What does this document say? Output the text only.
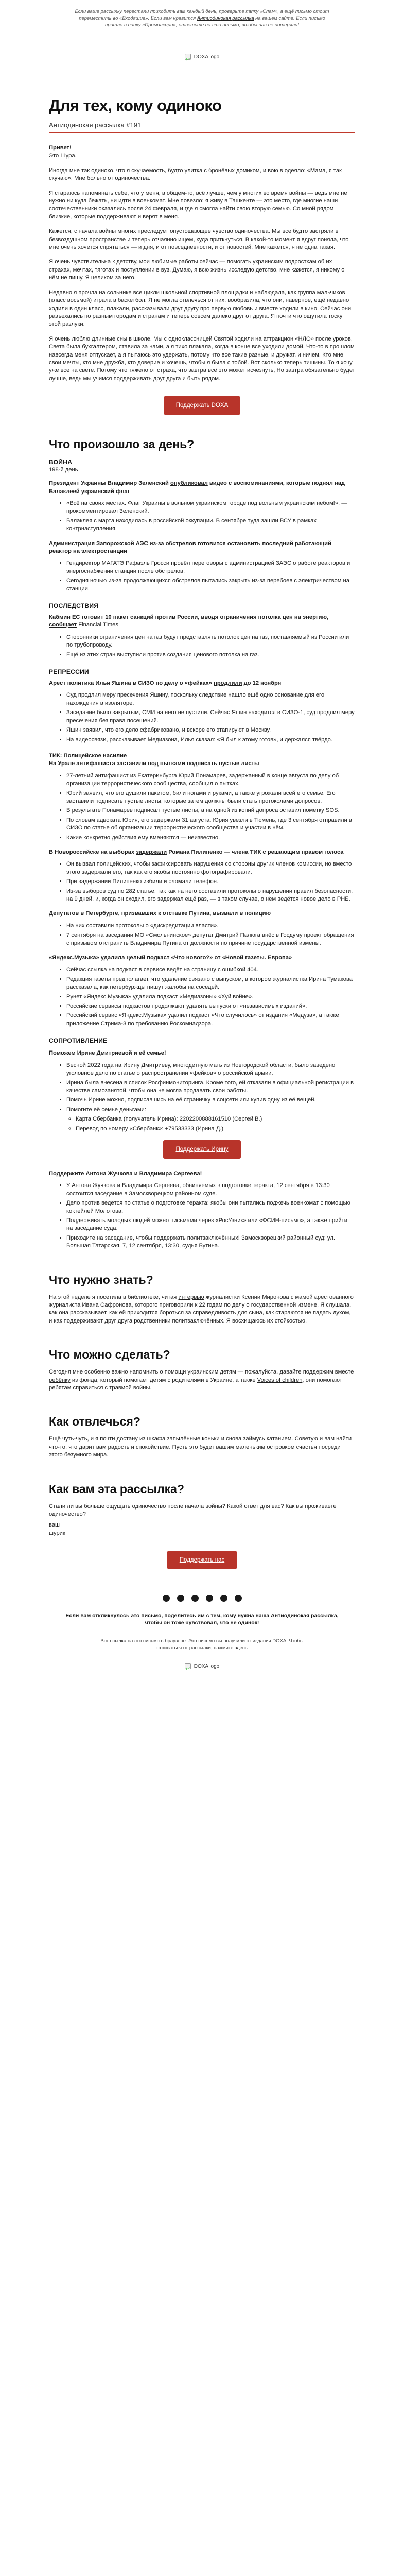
Если ваше рассылку перестали приходить вам каждый день, проверьте папку «Спам», а ещё письмо стоит переместить во «Входящие». Если вам нравится Антиодинокая рассылка на вашем сайте. Если письмо пришло в папку «Промоакции», ответьте на это письмо, чтобы нас не потеряли!
DOXA logo
Для тех, кому одиноко
Антиодинокая рассылка #191

Привет!

Это Шура.

Иногда мне так одиноко, что я скучаемость, будто улитка с бронёвых домиком, и вою в одеяло: «Мама, я так скучаю». Мне больно от одиночества.

Я стараюсь напоминать себе, что у меня, в общем-то, всё лучше, чем у многих во время войны — ведь мне не нужно ни куда бежать, ни идти в военкомат. Мне повезло: я живу в Ташкенте — это место, где многие наши соотечественники оказались после 24 февраля, и где я смогла найти свою вторую семью. Со мной рядом близкие, которые поддерживают и верят в меня.

Кажется, с начала войны многих преследует опустошающее чувство одиночества. Мы все будто застряли в безвоздушном пространстве и теперь отчаянно ищем, куда приткнуться. В какой-то момент я вдруг поняла, что мне очень хочется спрятаться — и дня, и от повседневности, и от новостей. Мне кажется, я не одна такая.

Я очень чувствительна к детству, мои любимые работы сейчас — помогать украинским подросткам об их страхах, мечтах, тяготах и поступлении в вуз. Думаю, я всю жизнь исследую детство, мне кажется, я никому о нём не пишу. Я целиком за него.

Недавно я прочла на сольнике все цикли школьной спортивной площадки и наблюдала, как группа мальчиков (класс восьмой) играла в баскетбол. Я не могла отвлечься от них: вообразила, что они, наверное, ещё недавно ходили в один класс, плакали, рассказывали друг другу про первую любовь и вместе ходили в кино. Сейчас они разъехались по разным городам и странам и теперь совсем далеко друг от друга. Я почти что ощутила тоску этой разлуки.

Я очень люблю длинные сны в школе. Мы с одноклассницей Святой ходили на аттракцион «НЛО» после уроков, Света была бухгалтером, ставила за нами, а я тихо плакала, когда в конце все уходили домой. Что-то в прошлом навсегда меня отпускает, а я пытаюсь это удержать, потому что все такие разные, и дружат, и ничем. Кто мне свои мечты, кто мне дружба, кто доверие и хочешь, чтобы я была с тобой. Вот сколько теперь тишины. То я хочу уже все на свете. Потому что тяжело от страха, что завтра всё это может исчезнуть, Но завтра обязательно будет лучше, ведь мы учимся поддерживать друг друга и быть рядом.

Поддержать DOXA
Что произошло за день?
ВОЙНА
198-й день

Президент Украины Владимир Зеленский опубликовал видео с воспоминаниями, которые поднял над Балаклеей украинский флаг

• «Всё на своих местах. Флаг Украины в вольном украинском городе под вольным украинским небом!», — прокомментировал Зеленский.
• Балаклея с марта находилась в российской оккупации. В сентябре туда зашли ВСУ в рамках контрнаступления.

Администрация Запорожской АЭС из-за обстрелов готовится остановить последний работающий реактор на электростанции

• Гендиректор МАГАТЭ Рафаэль Гросси провёл переговоры с администрацией ЗАЭС о работе реакторов и энергоснабжении станции после обстрелов.
• Сегодня ночью из-за продолжающихся обстрелов пытались закрыть из-за перебоев с электричеством на станции.
ПОСЛЕДСТВИЯ

Кабмин ЕС готовит 10 пакет санкций против России, вводя ограничения потолка цен на энергию, сообщает Financial Times

• Сторонники ограничения цен на газ будут представлять потолок цен на газ, поставляемый из России или по трубопроводу.
• Ещё из этих стран выступили против создания ценового потолка на газ.
РЕПРЕССИИ

Арест политика Ильи Яшина в СИЗО по делу о «фейках» продлили до 12 ноября

• Суд продлил меру пресечения Яшину, поскольку следствие нашло ещё одно основание для его нахождения в изоляторе.
• Заседание было закрытым, СМИ на него не пустили. Сейчас Яшин находится в СИЗО-1, суд продлил меру пресечения без права посещений.
• Яшин заявил, что его дело сфабриковано, и вскоре его этапируют в Москву.
• На видеосвязи, рассказывает Медиазона, Илья сказал: «Я был к этому готов», и держался твёрдо.

ТИК: Полицейское насилие

На Урале антифашиста заставили под пытками подписать пустые листы

• 27-летний антифашист из Екатеринбурга Юрий Понамарев, задержанный в конце августа по делу об организации террористического сообщества, сообщил о пытках.
• Юрий заявил, что его душили пакетом, били ногами и руками, а также угрожали всей его семье. Его заставили подписать пустые листы, которые затем должны были стать протоколами допросов.
• В результате Понамарев подписал пустые листы, а на одной из копий допроса оставил пометку SOS.
• По словам адвоката Юрия, его задержали 31 августа. Юрия увезли в Тюмень, где 3 сентября отправили в СИЗО по статье об организации террористического сообщества и участии в нём.
• Какие конкретно действия ему вменяются — неизвестно.

В Новороссийске на выборах задержали Романа Пилипенко — члена ТИК с решающим правом голоса

• Он вызвал полицейских, чтобы зафиксировать нарушения со стороны других членов комиссии, но вместо этого задержали его, так как его якобы постоянно фотографировали.
• При задержании Пилипенко избили и сломали телефон.
• Из-за выборов суд по 282 статье, так как на него составили протоколы о нарушении правил безопасности, на 9 дней, и, когда он сходил, его задержал ещё раз, — в таком случае, о нём ведётся новое дело в РНБ.

Депутатов в Петербурге, призвавших к отставке Путина, вызвали в полицию

• На них составили протоколы о «дискредитации власти».
• 7 сентября на заседании МО «Смольнинское» депутат Дмитрий Палюга внёс в Госдуму проект обращения с призывом отстранить Владимира Путина от должности по причине государственной измены.

«Яндекс.Музыка» удалила целый подкаст «Что нового?» от «Новой газеты. Европа»

• Сейчас ссылка на подкаст в сервисе ведёт на страницу с ошибкой 404.
• Редакция газеты предполагает, что удаление связано с выпуском, в котором журналистка Ирина Тумакова рассказала, как петербуржцы пишут жалобы на соседей.
• Рунет «Яндекс.Музыка» удалила подкаст «Медиазоны» «Хуй войне».
• Российские сервисы подкастов продолжают удалять выпуски от «независимых изданий».
• Российский сервис «Яндекс.Музыка» удалил подкаст «Что случилось» от издания «Медуза», а также приложение Стрима-3 по требованию Роскомнадзора.
СОПРОТИВЛЕНИЕ

Поможем Ирине Дмитриевой и её семье!

• Весной 2022 года на Ирину Дмитриеву, многодетную мать из Новгородской области, было заведено уголовное дело по статье о распространении «фейков» о российской армии.
• Ирина была внесена в список Росфинмониторинга. Кроме того, ей отказали в официальной регистрации в качестве самозанятой, чтобы она не могла продавать свои работы.
• Помочь Ирине можно, подписавшись на её страничку в соцсети или купив одну из её вещей.
• Помогите её семье деньгами:
◦ Карта Сбербанка (получатель Ирина): 2202200888161510 (Сергей В.)
◦ Перевод по номеру «Сбербанк»: +79533333 (Ирина Д.)
Поддержать Ирину

Поддержите Антона Жучкова и Владимира Сергеева!

• У Антона Жучкова и Владимира Сергеева, обвиняемых в подготовке теракта, 12 сентября в 13:30 состоится заседание в Замоскворецком районном суде.
• Дело против ведётся по статье о подготовке теракта: якобы они пытались поджечь военкомат с помощью коктейлей Молотова.
• Поддерживать молодых людей можно письмами через «РосУзник» или «ФСИН-письмо», а также прийти на заседание суда.
• Приходите на заседание, чтобы поддержать политзаключённых! Замоскворецкий районный суд: ул. Большая Татарская, 7, 12 сентября, 13:30, судья Бутина.
Что нужно знать?

На этой неделе я посетила в библиотеке, читая интервью журналистки Ксении Миронова с мамой арестованного журналиста Ивана Сафронова, которого приговорили к 22 годам по делу о государственной измене. Я слушала, как она рассказывает, как ей приходится бороться за справедливость для сына, как стараются не падать духом, и как поддерживают друг друга родственники политзаключённых. Я восхищаюсь их стойкостью.

Что можно сделать?

Сегодня мне особенно важно напомнить о помощи украинским детям — пожалуйста, давайте поддержим вместе ребёнку из фонда, который помогает детям с родителями в Украине, а также Voices of children, они помогают ребятам справиться с травмой войны.

Как отвлечься?

Ещё чуть-чуть, и я почти достану из шкафа запылённые коньки и снова займусь катанием. Советую и вам найти что-то, что дарит вам радость и спокойствие. Пусть это будет вашим маленьким островком счастья посреди этого безумного мира.

Как вам эта рассылка?

Стали ли вы больше ощущать одиночество после начала войны? Какой ответ для вас? Как вы проживаете одиночество?

ваш
шурик
Поддержать нас
Если вам откликнулось это письмо, поделитесь им с тем, кому нужна наша Антиодинокая рассылка, чтобы он тоже чувствовал, что не одинок!
Вот ссылка на это письмо в браузере. Это письмо вы получили от издания DOXA. Чтобы отписаться от рассылки, нажмите здесь
DOXA logo
